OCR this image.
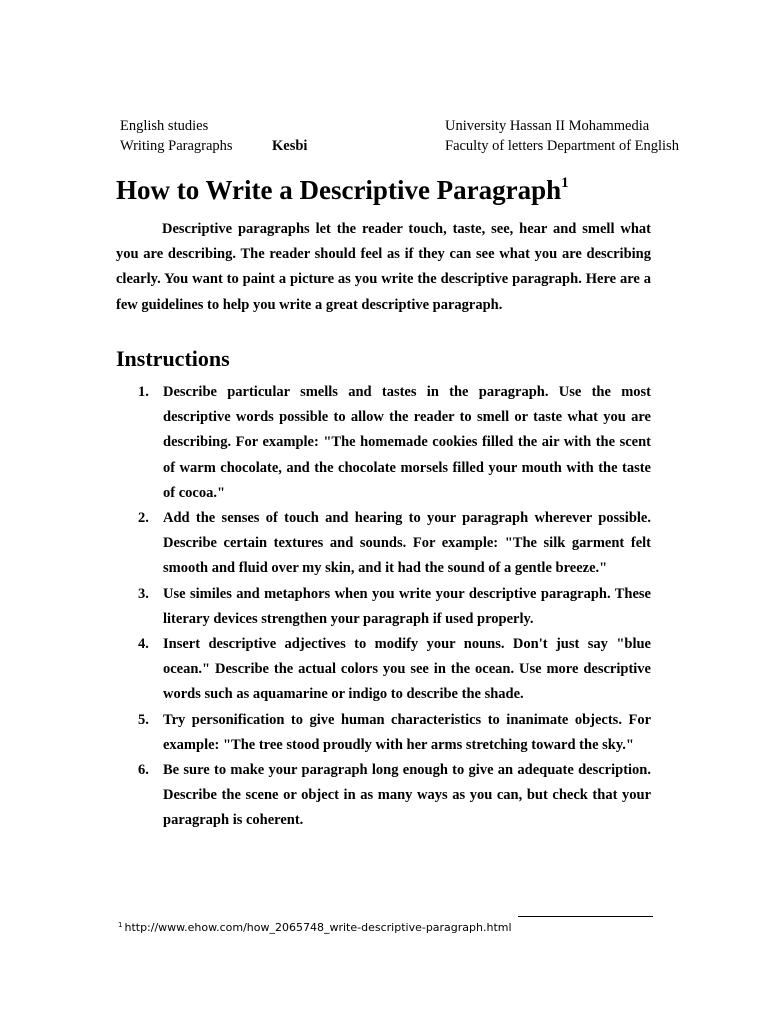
English studies
Writing Paragraphs	Kesbi
University Hassan II Mohammedia
Faculty of letters Department of English
How to Write a Descriptive Paragraph$^1$

Descriptive paragraphs let the reader touch, taste, see, hear and smell what you are describing. The reader should feel as if they can see what you are describing clearly. You want to paint a picture as you write the descriptive paragraph. Here are a few guidelines to help you write a great descriptive paragraph.

Instructions
1. Describe particular smells and tastes in the paragraph. Use the most descriptive words possible to allow the reader to smell or taste what you are describing. For example: "The homemade cookies filled the air with the scent of warm chocolate, and the chocolate morsels filled your mouth with the taste of cocoa."
2. Add the senses of touch and hearing to your paragraph wherever possible. Describe certain textures and sounds. For example: "The silk garment felt smooth and fluid over my skin, and it had the sound of a gentle breeze."
3. Use similes and metaphors when you write your descriptive paragraph. These literary devices strengthen your paragraph if used properly.
4. Insert descriptive adjectives to modify your nouns. Don't just say "blue ocean." Describe the actual colors you see in the ocean. Use more descriptive words such as aquamarine or indigo to describe the shade.
5. Try personification to give human characteristics to inanimate objects. For example: "The tree stood proudly with her arms stretching toward the sky."
6. Be sure to make your paragraph long enough to give an adequate description. Describe the scene or object in as many ways as you can, but check that your paragraph is coherent.
$^1$ http://www.ehow.com/how_2065748_write-descriptive-paragraph.html
